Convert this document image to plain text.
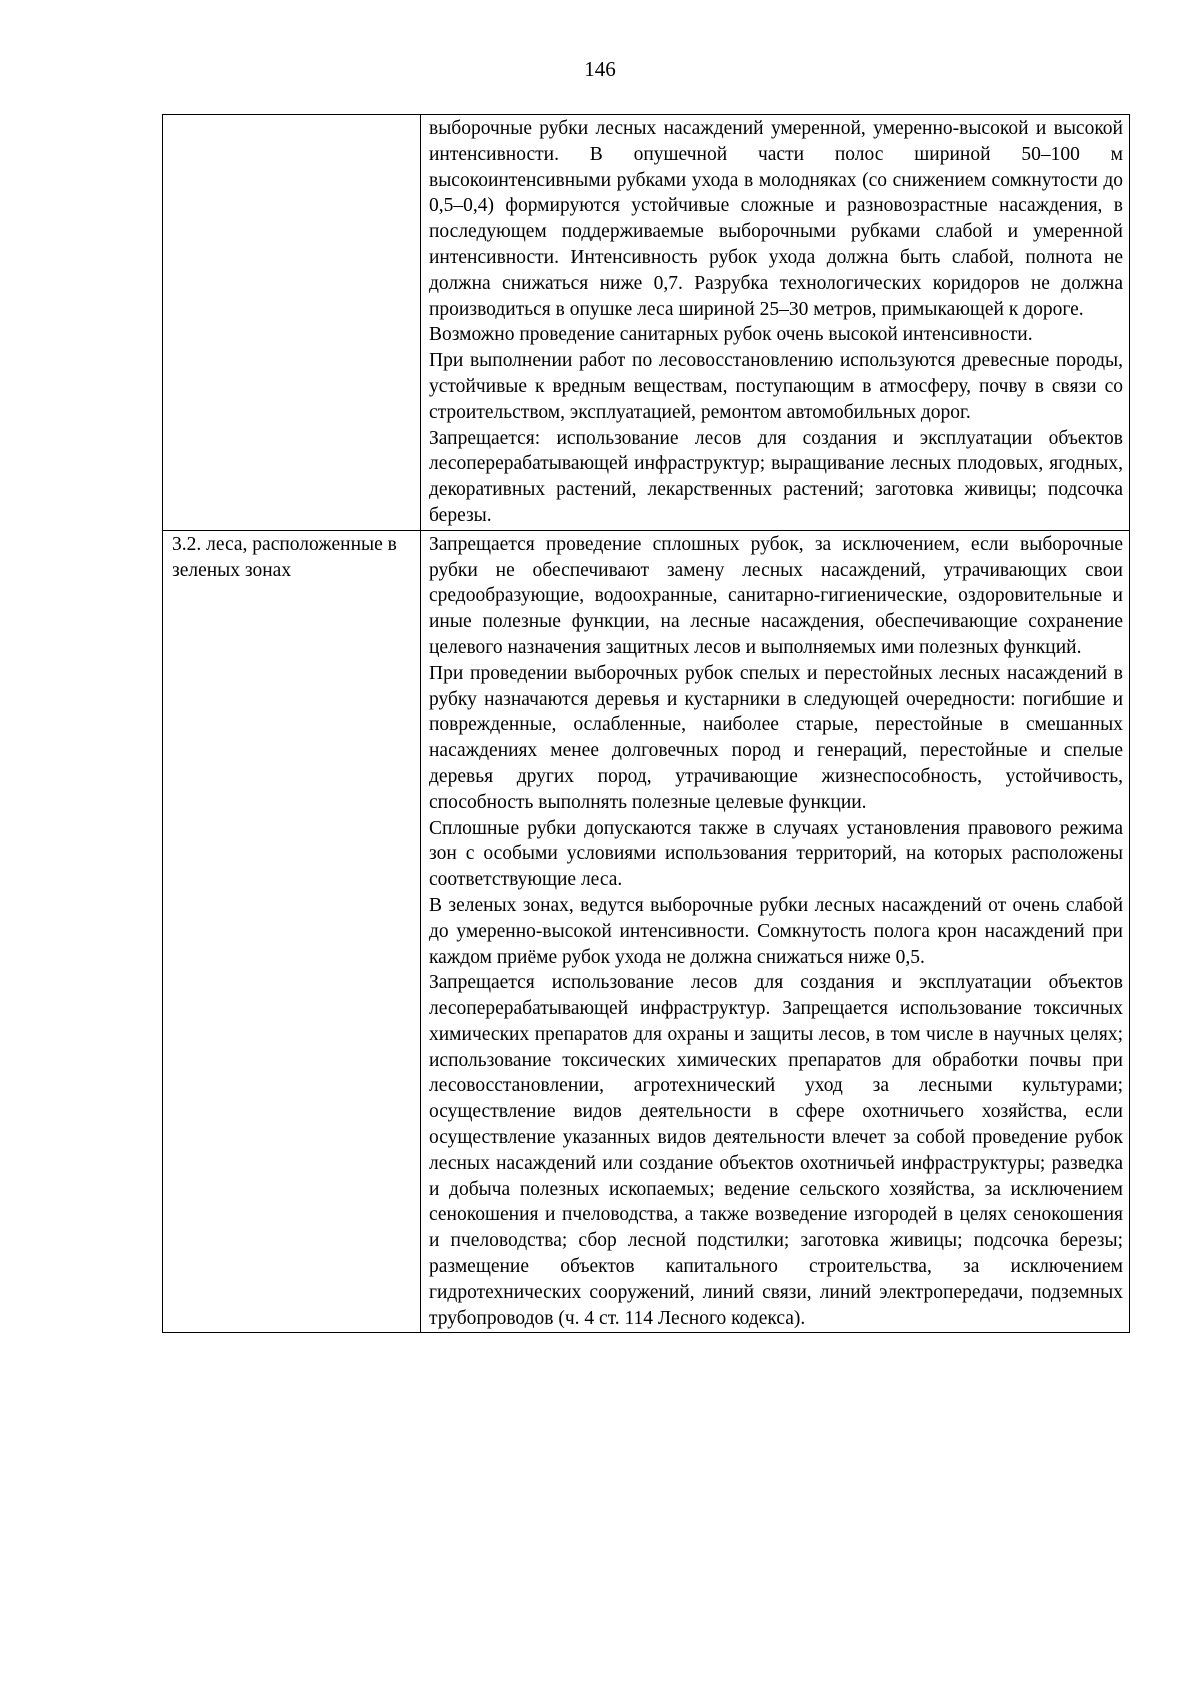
146

	выборочные рубки лесных насаждений умеренной, умеренно-высокой и высокой интенсивности. В опушечной части полос шириной 50–100 м высокоинтенсивными рубками ухода в молодняках (со снижением сомкнутости до 0,5–0,4) формируются устойчивые сложные и разновозрастные насаждения, в последующем поддерживаемые выборочными рубками слабой и умеренной интенсивности. Интенсивность рубок ухода должна быть слабой, полнота не должна снижаться ниже 0,7. Разрубка технологических коридоров не должна производиться в опушке леса шириной 25–30 метров, примыкающей к дороге.

Возможно проведение санитарных рубок очень высокой интенсивности.

При выполнении работ по лесовосстановлению используются древесные породы, устойчивые к вредным веществам, поступающим в атмосферу, почву в связи со строительством, эксплуатацией, ремонтом автомобильных дорог.

Запрещается: использование лесов для создания и эксплуатации объектов лесоперерабатывающей инфраструктур; выращивание лесных плодовых, ягодных, декоративных растений, лекарственных растений; заготовка живицы; подсочка березы.

3.2. леса, расположенные в зеленых зонах	Запрещается проведение сплошных рубок, за исключением, если выборочные рубки не обеспечивают замену лесных насаждений, утрачивающих свои средообразующие, водоохранные, санитарно-гигиенические, оздоровительные и иные полезные функции, на лесные насаждения, обеспечивающие сохранение целевого назначения защитных лесов и выполняемых ими полезных функций.

При проведении выборочных рубок спелых и перестойных лесных насаждений в рубку назначаются деревья и кустарники в следующей очередности: погибшие и поврежденные, ослабленные, наиболее старые, перестойные в смешанных насаждениях менее долговечных пород и генераций, перестойные и спелые деревья других пород, утрачивающие жизнеспособность, устойчивость, способность выполнять полезные целевые функции.

Сплошные рубки допускаются также в случаях установления правового режима зон с особыми условиями использования территорий, на которых расположены соответствующие леса.

В зеленых зонах, ведутся выборочные рубки лесных насаждений от очень слабой до умеренно-высокой интенсивности. Сомкнутость полога крон насаждений при каждом приёме рубок ухода не должна снижаться ниже 0,5.

Запрещается использование лесов для создания и эксплуатации объектов лесоперерабатывающей инфраструктур. Запрещается использование токсичных химических препаратов для охраны и защиты лесов, в том числе в научных целях; использование токсических химических препаратов для обработки почвы при лесовосстановлении, агротехнический уход за лесными культурами; осуществление видов деятельности в сфере охотничьего хозяйства, если осуществление указанных видов деятельности влечет за собой проведение рубок лесных насаждений или создание объектов охотничьей инфраструктуры; разведка и добыча полезных ископаемых; ведение сельского хозяйства, за исключением сенокошения и пчеловодства, а также возведение изгородей в целях сенокошения и пчеловодства; сбор лесной подстилки; заготовка живицы; подсочка березы; размещение объектов капитального строительства, за исключением гидротехнических сооружений, линий связи, линий электропередачи, подземных трубопроводов (ч. 4 ст. 114 Лесного кодекса).
